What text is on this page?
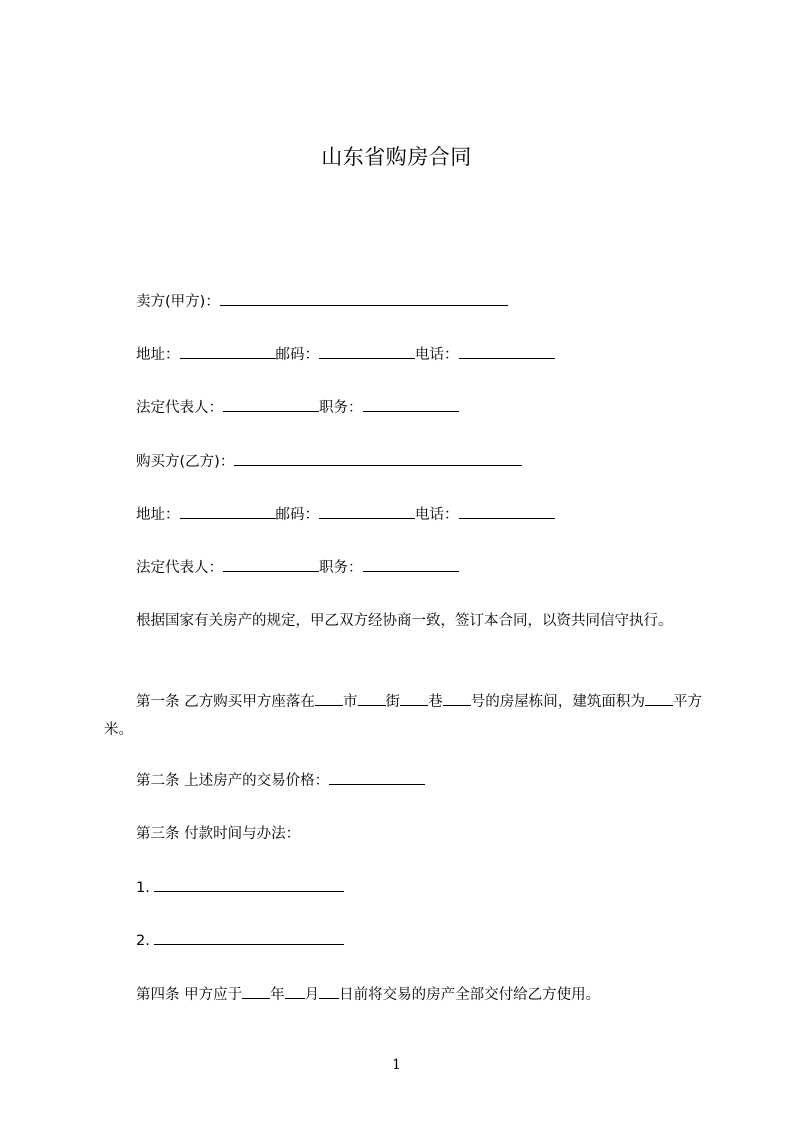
山东省购房合同
卖方(甲方)：
地址：	邮码：	电话：
法定代表人：	职务：
购买方(乙方)：
地址：	邮码：	电话：
法定代表人：	职务：
根据国家有关房产的规定，甲乙双方经协商一致，签订本合同，以资共同信守执行。
第一条 乙方购买甲方座落在 市 街 巷 号的房屋栋间，建筑面积为 平方米。
第二条 上述房产的交易价格：
第三条 付款时间与办法：
1.
2.
第四条 甲方应于 年 月 日前将交易的房产全部交付给乙方使用。
1
